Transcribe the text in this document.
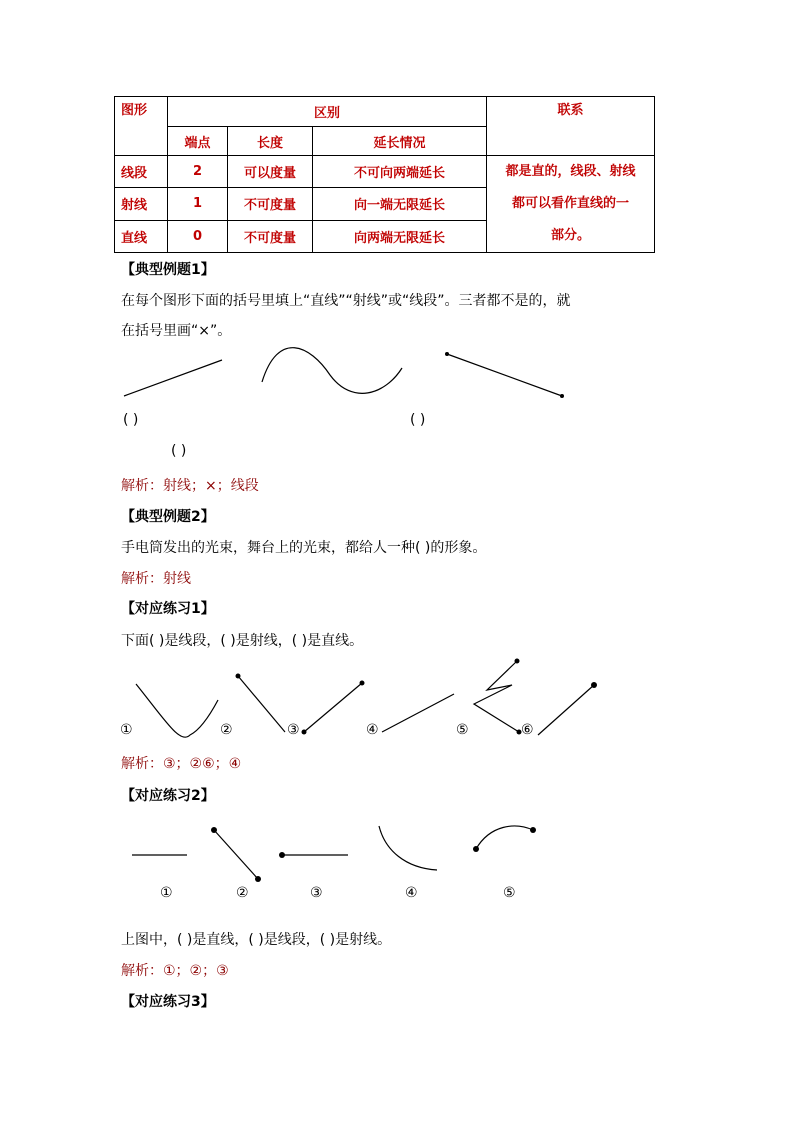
图形	区别			联系
	端点	长度	延长情况	
线段	2	可以度量	不可向两端延长	都是直的，线段、射线
都可以看作直线的一
部分。

射线	1	不可度量	向一端无限延长	
直线	0	不可度量	向两端无限延长	
【典型例题1】
在每个图形下面的括号里填上“直线”“射线”或“线段”。三者都不是的，就
在括号里画“×”。
( )	( )
( )
解析：射线；×；线段
【典型例题2】
手电筒发出的光束，舞台上的光束，都给人一种( )的形象。
解析：射线
【对应练习1】
下面( )是线段，( )是射线，( )是直线。
①	②	③	④	⑤	⑥
解析：③；②⑥；④
【对应练习2】
①	②	③	④	⑤
上图中，( )是直线，( )是线段，( )是射线。
解析：①；②；③
【对应练习3】
